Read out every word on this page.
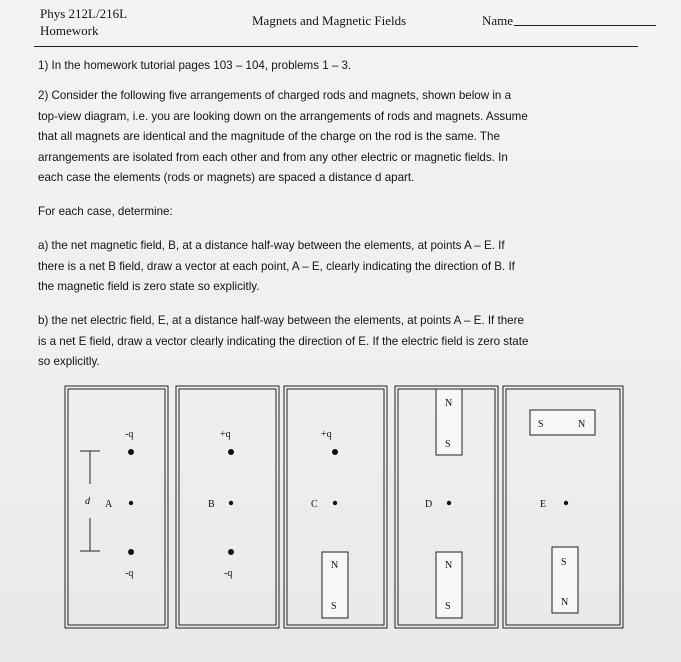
Phys 212L/216L
Homework
Magnets and Magnetic Fields	Name
1) In the homework tutorial pages 103 – 104, problems 1 – 3.
2) Consider the following five arrangements of charged rods and magnets, shown below in a
top-view diagram, i.e. you are looking down on the arrangements of rods and magnets. Assume
that all magnets are identical and the magnitude of the charge on the rod is the same. The
arrangements are isolated from each other and from any other electric or magnetic fields. In
each case the elements (rods or magnets) are spaced a distance d apart.
For each case, determine:
a) the net magnetic field, B, at a distance half-way between the elements, at points A – E. If
there is a net B field, draw a vector at each point, A – E, clearly indicating the direction of B. If
the magnetic field is zero state so explicitly.
b) the net electric field, E, at a distance half-way between the elements, at points A – E. If there
is a net E field, draw a vector clearly indicating the direction of E. If the electric field is zero state
so explicitly.
d
-q
A
-q
+q
B
-q
+q
C
N
S
N
S
D
N
S
S	N
E
S
N
